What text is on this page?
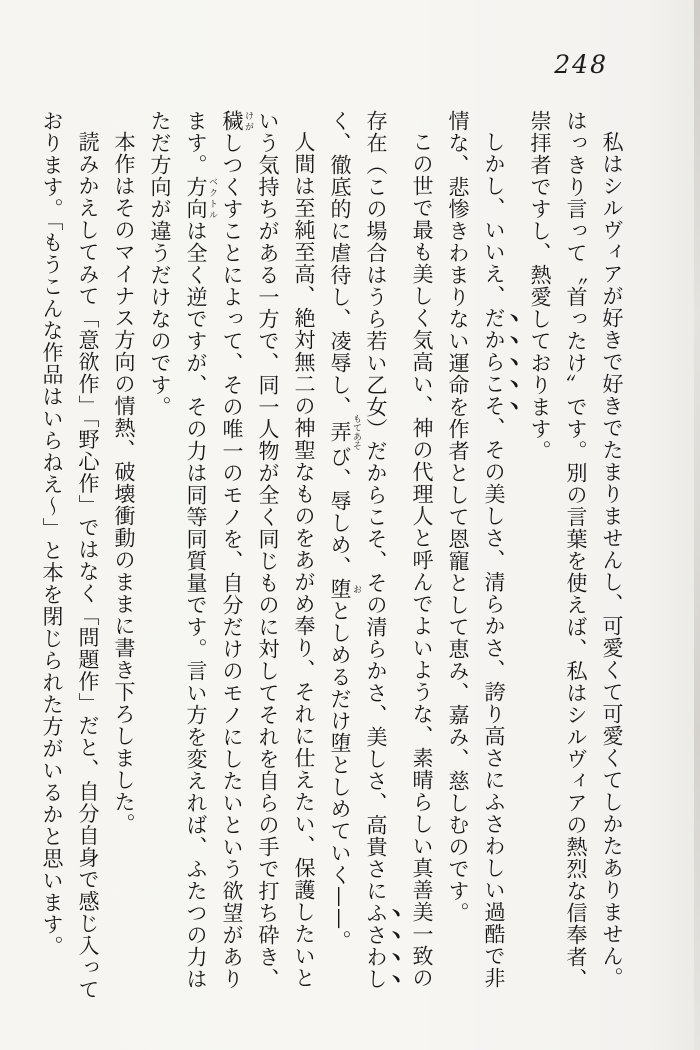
248

私はシルヴィアが好きで好きでたまりませんし、可愛くて可愛くてしかたありません。はっきり言って〝首ったけ〟です。別の言葉を使えば、私はシルヴィアの熱烈な信奉者、崇拝者ですし、熱愛しております。

しかし、いいえ、だからこそ、その美しさ、清らかさ、誇り高さにふさわしい過酷で非情な、悲惨きわまりない運命を作者として恩寵として恵み、嘉み、慈しむのです。

この世で最も美しく気高い、神の代理人と呼んでよいような、素晴らしい真善美一致の存在（この場合はうら若い乙女）だからこそ、その清らかさ、美しさ、高貴さにふさわしく、徹底的に虐待し、凌辱し、弄 もてあそび、辱しめ、堕 おとしめるだけ堕としめていく——。

人間は至純至高、絶対無二の神聖なものをあがめ奉り、それに仕えたい、保護したいという気持ちがある一方で、同一人物が全く同じものに対してそれを自らの手で打ち砕き、穢 けがしつくすことによって、その唯一のモノを、自分だけのモノにしたいという欲望があります。方向 ベクトルは全く逆ですが、その力は同等同質量です。言い方を変えれば、ふたつの力はただ方向が違うだけなのです。

本作はそのマイナス方向の情熱、破壊衝動のままに書き下ろしました。

読みかえしてみて「意欲作」「野心作」ではなく「問題作」だと、自分自身で感じ入っております。「もうこんな作品はいらねえ〜」と本を閉じられた方がいるかと思います。
